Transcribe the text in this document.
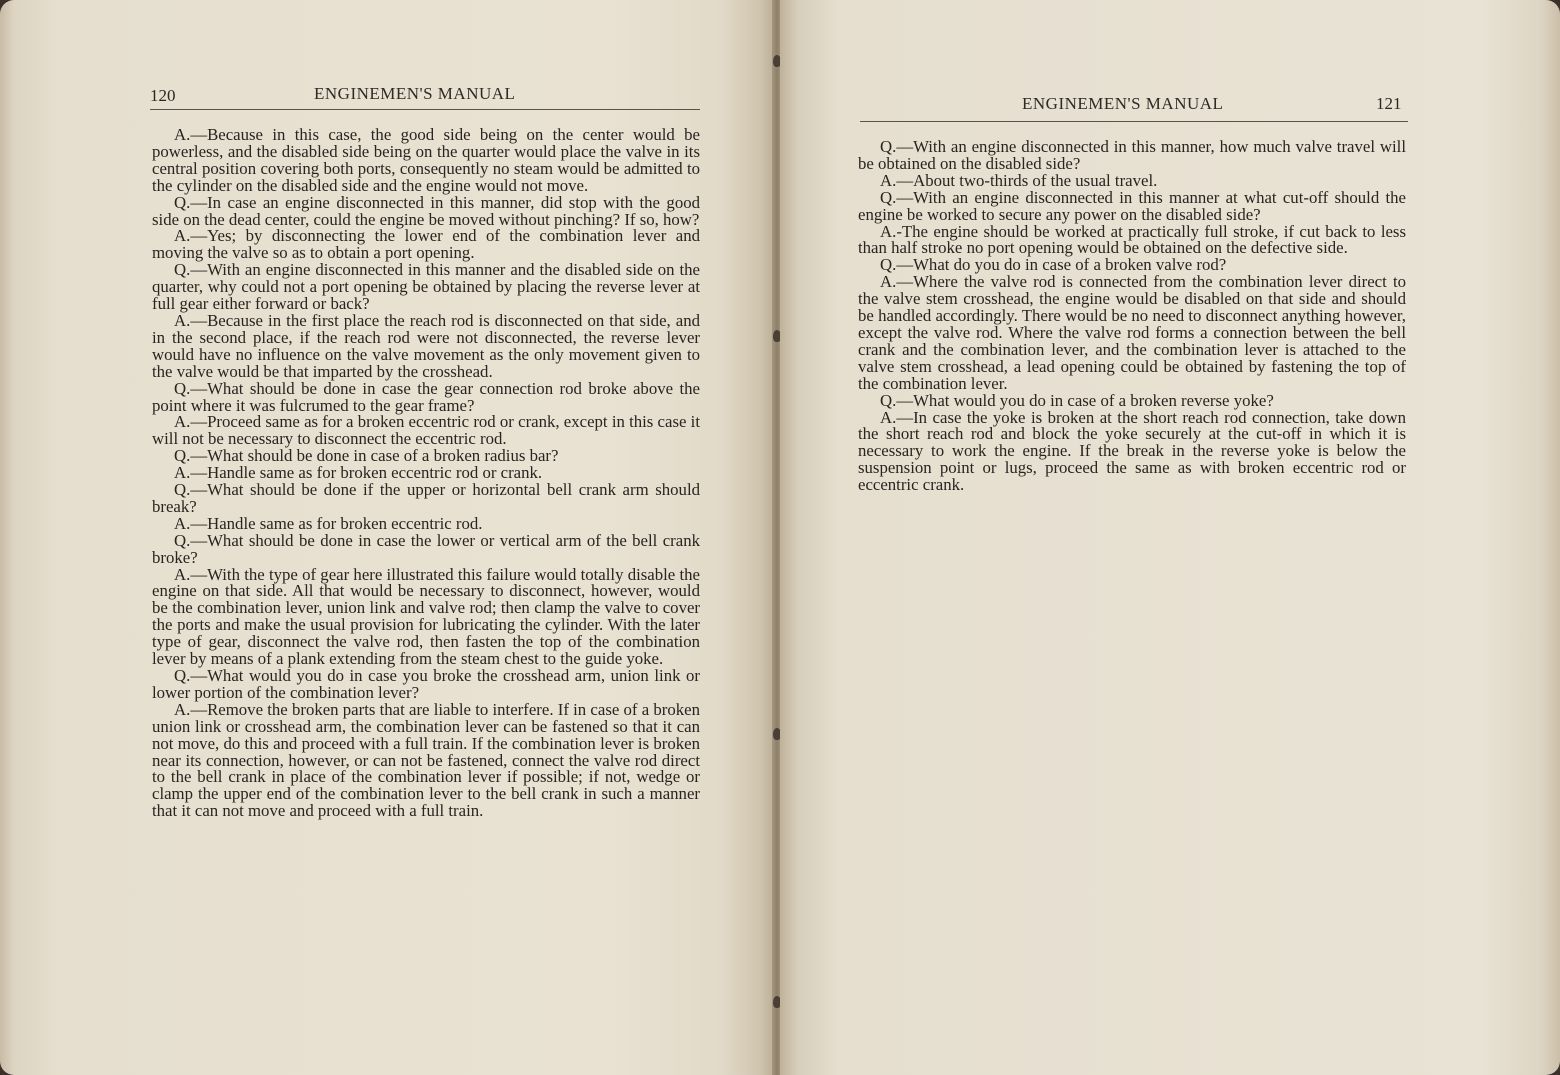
120	ENGINEMEN'S MANUAL

A.—Because in this case, the good side being on the center would be powerless, and the disabled side being on the quarter would place the valve in its central position covering both ports, consequently no steam would be admitted to the cylinder on the disabled side and the engine would not move.

Q.—In case an engine disconnected in this manner, did stop with the good side on the dead center, could the engine be moved without pinching? If so, how?

A.—Yes; by disconnecting the lower end of the combination lever and moving the valve so as to obtain a port opening.

Q.—With an engine disconnected in this manner and the disabled side on the quarter, why could not a port opening be obtained by placing the reverse lever at full gear either forward or back?

A.—Because in the first place the reach rod is disconnected on that side, and in the second place, if the reach rod were not disconnected, the reverse lever would have no influence on the valve movement as the only movement given to the valve would be that imparted by the crosshead.

Q.—What should be done in case the gear connection rod broke above the point where it was fulcrumed to the gear frame?

A.—Proceed same as for a broken eccentric rod or crank, except in this case it will not be necessary to disconnect the eccentric rod.

Q.—What should be done in case of a broken radius bar?

A.—Handle same as for broken eccentric rod or crank.

Q.—What should be done if the upper or horizontal bell crank arm should break?

A.—Handle same as for broken eccentric rod.

Q.—What should be done in case the lower or vertical arm of the bell crank broke?

A.—With the type of gear here illustrated this failure would totally disable the engine on that side. All that would be necessary to disconnect, however, would be the combination lever, union link and valve rod; then clamp the valve to cover the ports and make the usual provision for lubricating the cylinder. With the later type of gear, disconnect the valve rod, then fasten the top of the combination lever by means of a plank extending from the steam chest to the guide yoke.

Q.—What would you do in case you broke the crosshead arm, union link or lower portion of the combination lever?

A.—Remove the broken parts that are liable to interfere. If in case of a broken union link or crosshead arm, the combination lever can be fastened so that it can not move, do this and proceed with a full train. If the combination lever is broken near its connection, however, or can not be fastened, connect the valve rod direct to the bell crank in place of the combination lever if possible; if not, wedge or clamp the upper end of the combination lever to the bell crank in such a manner that it can not move and proceed with a full train.

ENGINEMEN'S MANUAL	121

Q.—With an engine disconnected in this manner, how much valve travel will be obtained on the disabled side?

A.—About two-thirds of the usual travel.

Q.—With an engine disconnected in this manner at what cut-off should the engine be worked to secure any power on the disabled side?

A.-The engine should be worked at practically full stroke, if cut back to less than half stroke no port opening would be obtained on the defective side.

Q.—What do you do in case of a broken valve rod?

A.—Where the valve rod is connected from the combination lever direct to the valve stem crosshead, the engine would be disabled on that side and should be handled accordingly. There would be no need to disconnect anything however, except the valve rod. Where the valve rod forms a connection between the bell crank and the combination lever, and the combination lever is attached to the valve stem crosshead, a lead opening could be obtained by fastening the top of the combination lever.

Q.—What would you do in case of a broken reverse yoke?

A.—In case the yoke is broken at the short reach rod connection, take down the short reach rod and block the yoke securely at the cut-off in which it is necessary to work the engine. If the break in the reverse yoke is below the suspension point or lugs, proceed the same as with broken eccentric rod or eccentric crank.
